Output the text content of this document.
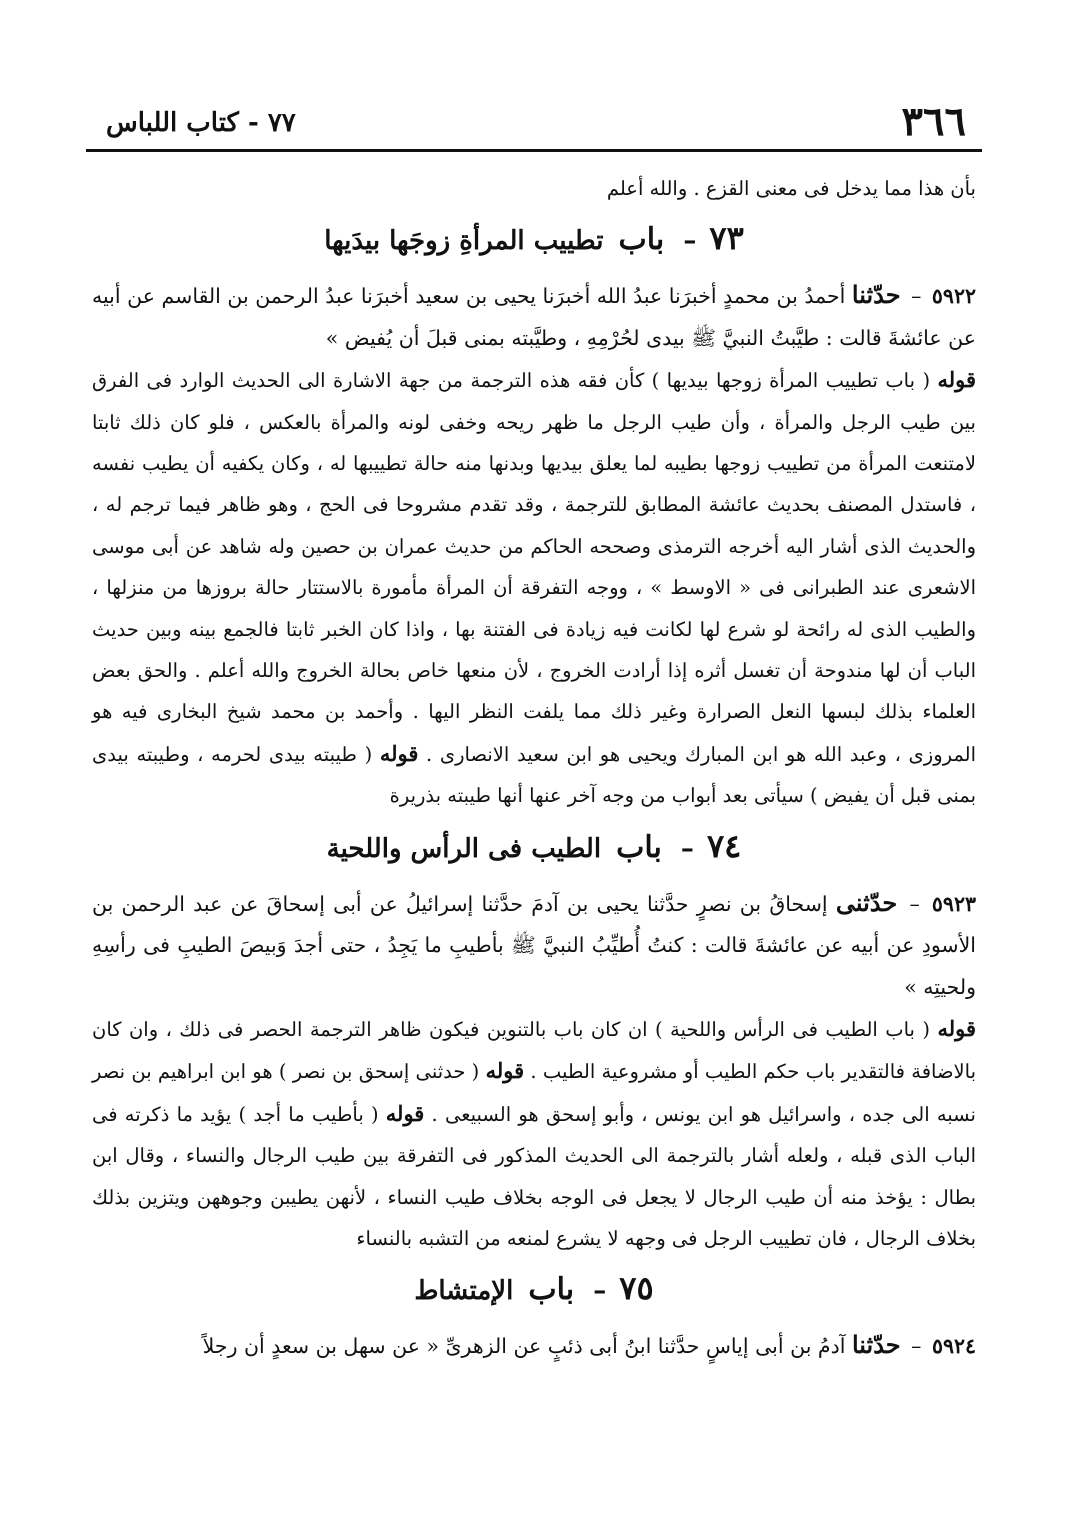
٣٦٦
٧٧ - كتاب اللباس

بأن هذا مما يدخل فى معنى القزع . والله أعلم

٧٣ – باب تطييب المرأةِ زوجَها بيدَيها

٥٩٢٢ – حدّثنا أحمدُ بن محمدٍ أخبرَنا عبدُ الله أخبرَنا يحيى بن سعيد أخبرَنا عبدُ الرحمن بن القاسم عن أبيه عن عائشةَ قالت : طيَّبتُ النبيَّ ﷺ بيدى لحُرْمِهِ ، وطيَّبته بمنى قبلَ أن يُفيض »

قوله ( باب تطييب المرأة زوجها بيديها ) كأن فقه هذه الترجمة من جهة الاشارة الى الحديث الوارد فى الفرق بين طيب الرجل والمرأة ، وأن طيب الرجل ما ظهر ريحه وخفى لونه والمرأة بالعكس ، فلو كان ذلك ثابتا لامتنعت المرأة من تطييب زوجها بطيبه لما يعلق بيديها وبدنها منه حالة تطييبها له ، وكان يكفيه أن يطيب نفسه ، فاستدل المصنف بحديث عائشة المطابق للترجمة ، وقد تقدم مشروحا فى الحج ، وهو ظاهر فيما ترجم له ، والحديث الذى أشار اليه أخرجه الترمذى وصححه الحاكم من حديث عمران بن حصين وله شاهد عن أبى موسى الاشعرى عند الطبرانى فى « الاوسط » ، ووجه التفرقة أن المرأة مأمورة بالاستتار حالة بروزها من منزلها ، والطيب الذى له رائحة لو شرع لها لكانت فيه زيادة فى الفتنة بها ، واذا كان الخبر ثابتا فالجمع بينه وبين حديث الباب أن لها مندوحة أن تغسل أثره إذا أرادت الخروج ، لأن منعها خاص بحالة الخروج والله أعلم . والحق بعض العلماء بذلك لبسها النعل الصرارة وغير ذلك مما يلفت النظر اليها . وأحمد بن محمد شيخ البخارى فيه هو المروزى ، وعبد الله هو ابن المبارك ويحيى هو ابن سعيد الانصارى . قوله ( طيبته بيدى لحرمه ، وطيبته بيدى بمنى قبل أن يفيض ) سيأتى بعد أبواب من وجه آخر عنها أنها طيبته بذريرة

٧٤ – باب الطيب فى الرأس واللحية

٥٩٢٣ – حدّثنى إسحاقُ بن نصرٍ حدَّثنا يحيى بن آدمَ حدَّثنا إسرائيلُ عن أبى إسحاقَ عن عبد الرحمن بن الأسودِ عن أبيه عن عائشةَ قالت : كنتُ أُطيِّبُ النبيَّ ﷺ بأطيبِ ما يَجِدُ ، حتى أجدَ وَبيصَ الطيبِ فى رأسِهِ ولحيتِه »

قوله ( باب الطيب فى الرأس واللحية ) ان كان باب بالتنوين فيكون ظاهر الترجمة الحصر فى ذلك ، وان كان بالاضافة فالتقدير باب حكم الطيب أو مشروعية الطيب . قوله ( حدثنى إسحق بن نصر ) هو ابن ابراهيم بن نصر نسبه الى جده ، واسرائيل هو ابن يونس ، وأبو إسحق هو السبيعى . قوله ( بأطيب ما أجد ) يؤيد ما ذكرته فى الباب الذى قبله ، ولعله أشار بالترجمة الى الحديث المذكور فى التفرقة بين طيب الرجال والنساء ، وقال ابن بطال : يؤخذ منه أن طيب الرجال لا يجعل فى الوجه بخلاف طيب النساء ، لأنهن يطيبن وجوههن ويتزين بذلك بخلاف الرجال ، فان تطييب الرجل فى وجهه لا يشرع لمنعه من التشبه بالنساء

٧٥ – باب الإمتشاط

٥٩٢٤ – حدّثنا آدمُ بن أبى إياسٍ حدَّثنا ابنُ أبى ذئبٍ عن الزهرىِّ « عن سهل بن سعدٍ أن رجلاً
